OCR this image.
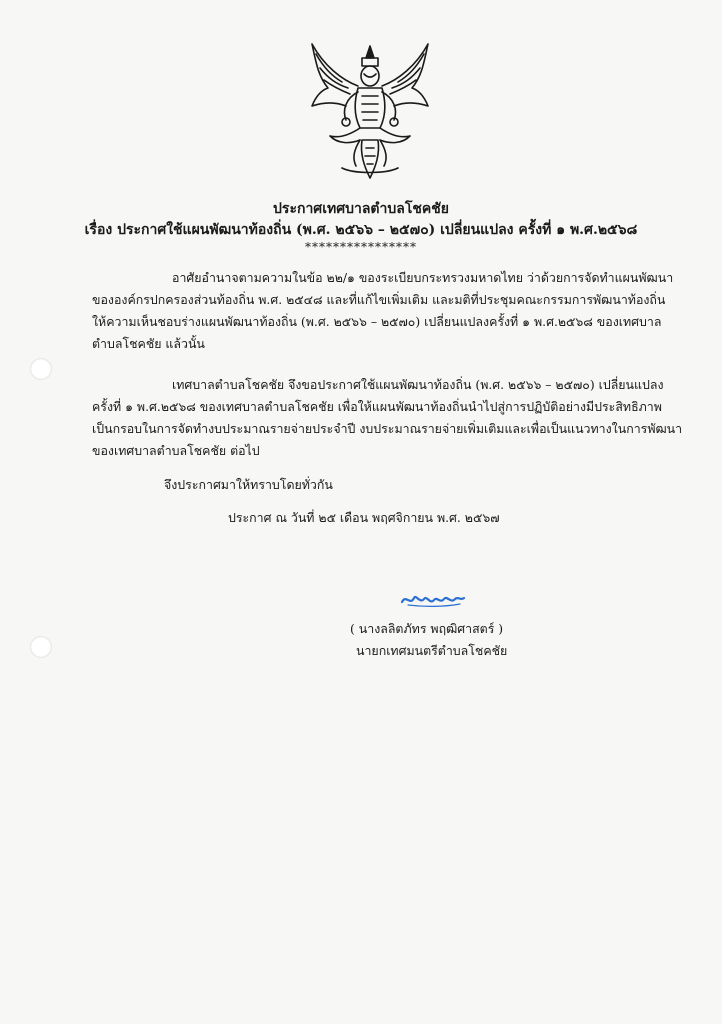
ประกาศเทศบาลตำบลโชคชัย
เรื่อง ประกาศใช้แผนพัฒนาท้องถิ่น (พ.ศ. ๒๕๖๖ – ๒๕๗๐) เปลี่ยนแปลง ครั้งที่ ๑ พ.ศ.๒๕๖๘
****************
อาศัยอำนาจตามความในข้อ ๒๒/๑ ของระเบียบกระทรวงมหาดไทย ว่าด้วยการจัดทำแผนพัฒนา
ขององค์กรปกครองส่วนท้องถิ่น พ.ศ. ๒๕๔๘ และที่แก้ไขเพิ่มเติม และมติที่ประชุมคณะกรรมการพัฒนาท้องถิ่น
ให้ความเห็นชอบร่างแผนพัฒนาท้องถิ่น (พ.ศ. ๒๕๖๖ – ๒๕๗๐) เปลี่ยนแปลงครั้งที่ ๑ พ.ศ.๒๕๖๘ ของเทศบาล
ตำบลโชคชัย แล้วนั้น
เทศบาลตำบลโชคชัย จึงขอประกาศใช้แผนพัฒนาท้องถิ่น (พ.ศ. ๒๕๖๖ – ๒๕๗๐) เปลี่ยนแปลง
ครั้งที่ ๑ พ.ศ.๒๕๖๘ ของเทศบาลตำบลโชคชัย เพื่อให้แผนพัฒนาท้องถิ่นนำไปสู่การปฏิบัติอย่างมีประสิทธิภาพ
เป็นกรอบในการจัดทำงบประมาณรายจ่ายประจำปี งบประมาณรายจ่ายเพิ่มเติมและเพื่อเป็นแนวทางในการพัฒนา
ของเทศบาลตำบลโชคชัย ต่อไป
จึงประกาศมาให้ทราบโดยทั่วกัน
ประกาศ ณ วันที่ ๒๕ เดือน พฤศจิกายน พ.ศ. ๒๕๖๗
( นางลลิตภัทร พฤฒิศาสตร์ )
นายกเทศมนตรีตำบลโชคชัย
